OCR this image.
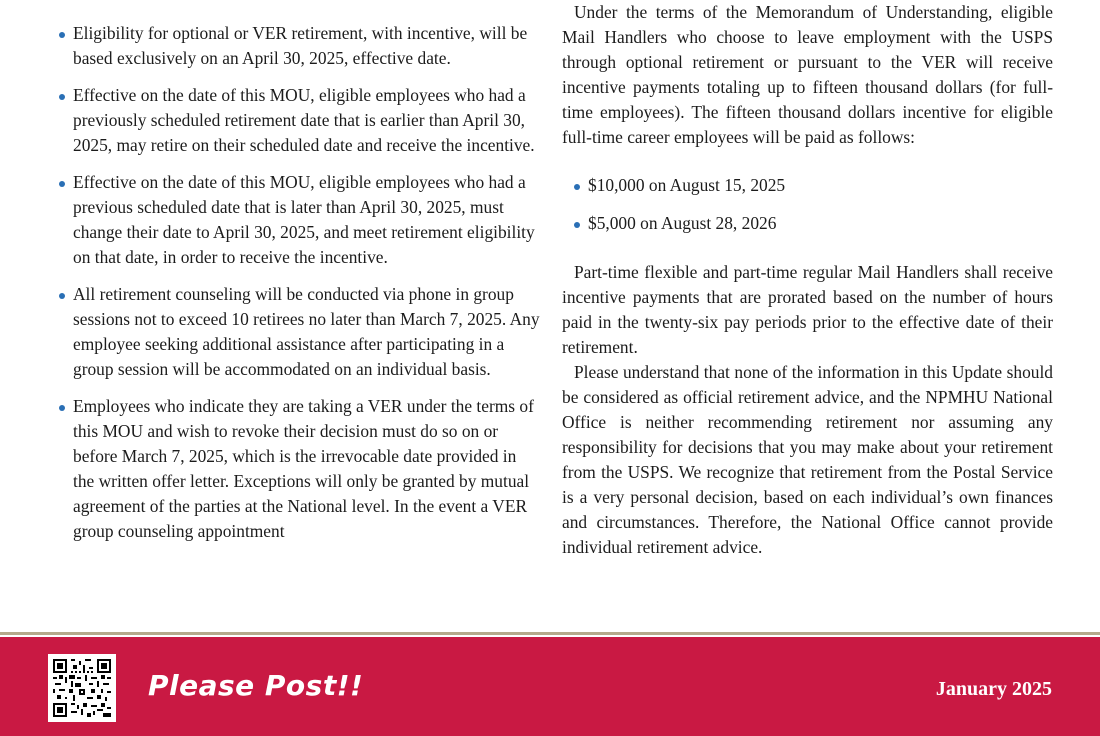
Eligibility for optional or VER retirement, with incentive, will be based exclusively on an April 30, 2025, effective date.
Effective on the date of this MOU, eligible employees who had a previously scheduled retirement date that is earlier than April 30, 2025, may retire on their scheduled date and receive the incentive.
Effective on the date of this MOU, eligible employees who had a previous scheduled date that is later than April 30, 2025, must change their date to April 30, 2025, and meet retirement eligibility on that date, in order to receive the incentive.
All retirement counseling will be conducted via phone in group sessions not to exceed 10 retirees no later than March 7, 2025. Any employee seeking additional assistance after participating in a group session will be accommodated on an individual basis.
Employees who indicate they are taking a VER under the terms of this MOU and wish to revoke their decision must do so on or before March 7, 2025, which is the irrevocable date provided in the written offer letter. Exceptions will only be granted by mutual agreement of the parties at the National level. In the event a VER group counseling appointment

Under the terms of the Memorandum of Understanding, eligible Mail Handlers who choose to leave employment with the USPS through optional retirement or pursuant to the VER will receive incentive payments totaling up to fifteen thousand dollars (for full-time employees). The fifteen thousand dollars incentive for eligible full-time career employees will be paid as follows:

$10,000 on August 15, 2025
$5,000 on August 28, 2026

Part-time flexible and part-time regular Mail Handlers shall receive incentive payments that are prorated based on the number of hours paid in the twenty-six pay periods prior to the effective date of their retirement.

Please understand that none of the information in this Update should be considered as official retirement advice, and the NPMHU National Office is neither recommending retirement nor assuming any responsibility for decisions that you may make about your retirement from the USPS. We recognize that retirement from the Postal Service is a very personal decision, based on each individual’s own finances and circumstances. Therefore, the National Office cannot provide individual retirement advice.

Please Post!!	January 2025
